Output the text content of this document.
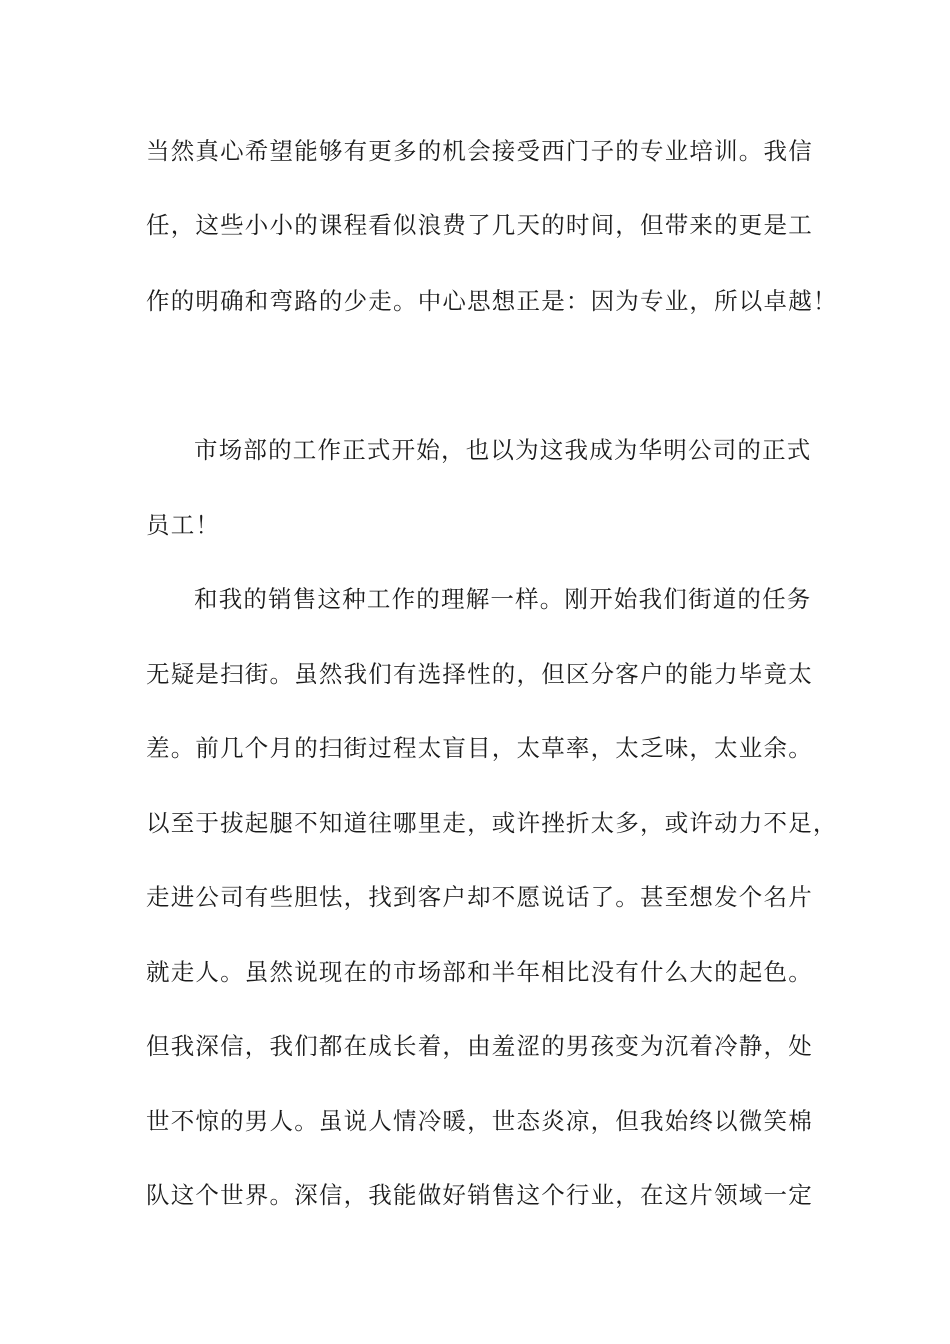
当然真心希望能够有更多的机会接受西门子的专业培训。我信
任，这些小小的课程看似浪费了几天的时间，但带来的更是工
作的明确和弯路的少走。中心思想正是：因为专业，所以卓越！
市场部的工作正式开始，也以为这我成为华明公司的正式
员工！
和我的销售这种工作的理解一样。刚开始我们街道的任务
无疑是扫街。虽然我们有选择性的，但区分客户的能力毕竟太
差。前几个月的扫街过程太盲目，太草率，太乏味，太业余。
以至于拔起腿不知道往哪里走，或许挫折太多，或许动力不足，
走进公司有些胆怯，找到客户却不愿说话了。甚至想发个名片
就走人。虽然说现在的市场部和半年相比没有什么大的起色。
但我深信，我们都在成长着，由羞涩的男孩变为沉着冷静，处
世不惊的男人。虽说人情冷暖，世态炎凉，但我始终以微笑棉
队这个世界。深信，我能做好销售这个行业，在这片领域一定
